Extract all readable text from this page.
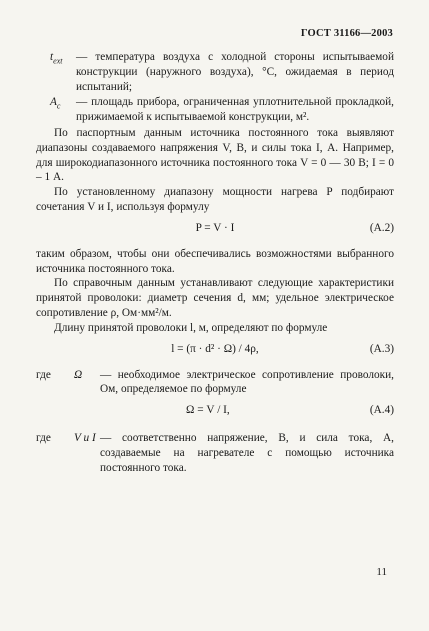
ГОСТ 31166—2003
$t_{ext}$	— температура воздуха с холодной стороны испытываемой конструкции (наружного воздуха), °С, ожидаемая в период испытаний;
$A_c$	— площадь прибора, ограниченная уплотнительной прокладкой, прижимаемой к испытываемой конструкции, м².

По паспортным данным источника постоянного тока выявляют диапазоны создаваемого напряжения V, В, и силы тока I, А. Например, для широкодиапазонного источника постоянного тока V = 0 — 30 В; I = 0 – 1 А.

По установленному диапазону мощности нагрева P подбирают сочетания V и I, используя формулу

P = V · I	(А.2)

таким образом, чтобы они обеспечивались возможностями выбранного источника постоянного тока.

По справочным данным устанавливают следующие характеристики принятой проволоки: диаметр сечения d, мм; удельное электрическое сопротивление ρ, Ом·мм²/м.

Длину принятой проволоки l, м, определяют по формуле

l = (π · d² · Ω) / 4ρ,	(А.3)
где	Ω	— необходимое электрическое сопротивление проволоки, Ом, определяемое по формуле
Ω = V / I,	(А.4)
где	V и I — соответственно напряжение, В, и сила тока, А, создаваемые на нагревателе с помощью источника постоянного тока.
11
